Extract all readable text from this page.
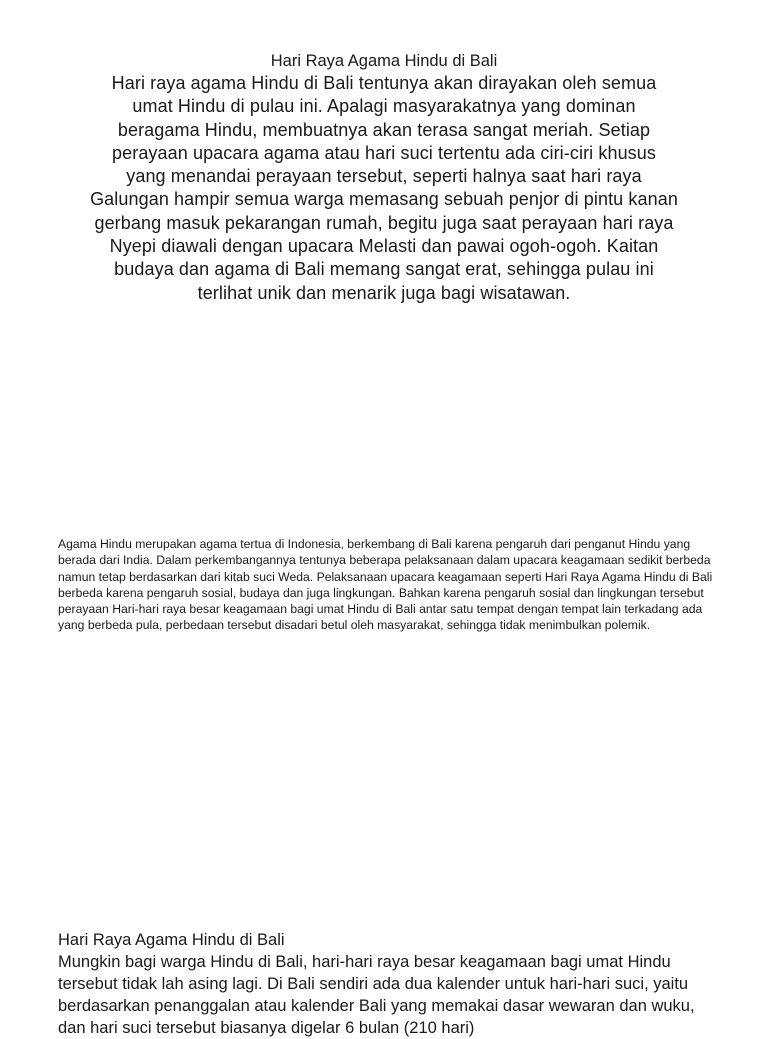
Hari Raya Agama Hindu di Bali

Hari raya agama Hindu di Bali tentunya akan dirayakan oleh semua umat Hindu di pulau ini. Apalagi masyarakatnya yang dominan beragama Hindu, membuatnya akan terasa sangat meriah. Setiap perayaan upacara agama atau hari suci tertentu ada ciri-ciri khusus yang menandai perayaan tersebut, seperti halnya saat hari raya Galungan hampir semua warga memasang sebuah penjor di pintu kanan gerbang masuk pekarangan rumah, begitu juga saat perayaan hari raya Nyepi diawali dengan upacara Melasti dan pawai ogoh-ogoh. Kaitan budaya dan agama di Bali memang sangat erat, sehingga pulau ini terlihat unik dan menarik juga bagi wisatawan.

Agama Hindu merupakan agama tertua di Indonesia, berkembang di Bali karena pengaruh dari penganut Hindu yang berada dari India. Dalam perkembangannya tentunya beberapa pelaksanaan dalam upacara keagamaan sedikit berbeda namun tetap berdasarkan dari kitab suci Weda. Pelaksanaan upacara keagamaan seperti Hari Raya Agama Hindu di Bali berbeda karena pengaruh sosial, budaya dan juga lingkungan. Bahkan karena pengaruh sosial dan lingkungan tersebut perayaan Hari-hari raya besar keagamaan bagi umat Hindu di Bali antar satu tempat dengan tempat lain terkadang ada yang berbeda pula, perbedaan tersebut disadari betul oleh masyarakat, sehingga tidak menimbulkan polemik.

Hari Raya Agama Hindu di Bali

Mungkin bagi warga Hindu di Bali, hari-hari raya besar keagamaan bagi umat Hindu tersebut tidak lah asing lagi. Di Bali sendiri ada dua kalender untuk hari-hari suci, yaitu berdasarkan penanggalan atau kalender Bali yang memakai dasar wewaran dan wuku, dan hari suci tersebut biasanya digelar 6 bulan (210 hari)
